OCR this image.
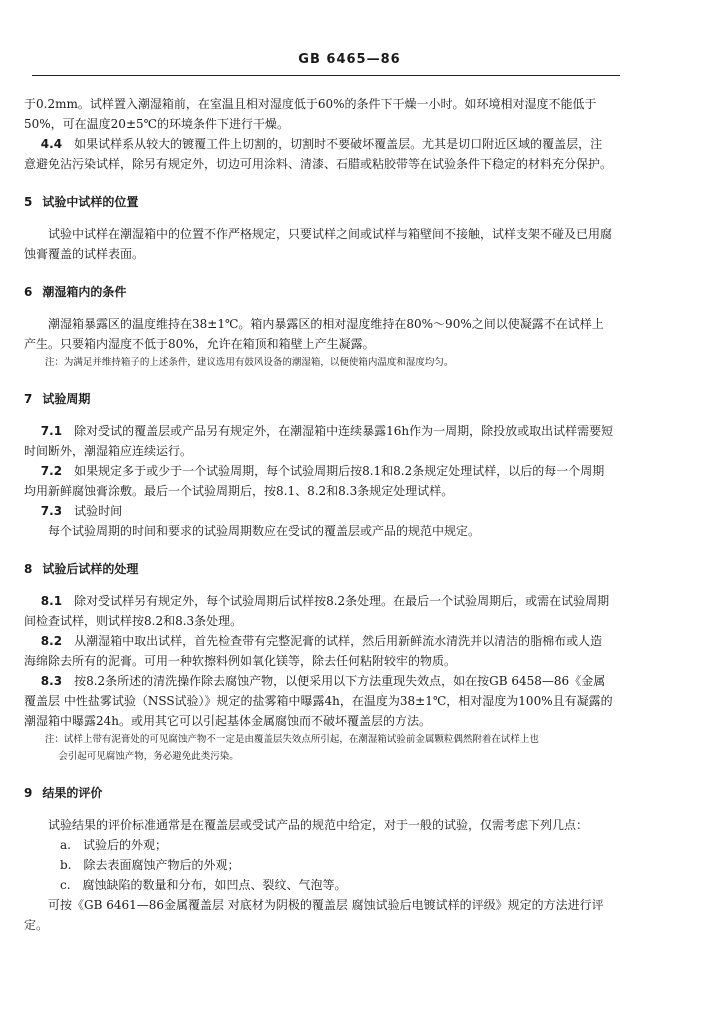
GB 6465—86

于0.2mm。试样置入潮湿箱前，在室温且相对湿度低于60%的条件下干燥一小时。如环境相对湿度不能低于50%，可在温度20±5℃的环境条件下进行干燥。

4.4　 如果试样系从较大的镀覆工件上切割的，切割时不要破坏覆盖层。尤其是切口附近区域的覆盖层，注意避免沾污染试样，除另有规定外，切边可用涂料、清漆、石腊或粘胶带等在试验条件下稳定的材料充分保护。

5 试验中试样的位置

试验中试样在潮湿箱中的位置不作严格规定，只要试样之间或试样与箱壁间不接触，试样支架不碰及已用腐蚀膏覆盖的试样表面。

6 潮湿箱内的条件

潮湿箱暴露区的温度维持在38±1℃。箱内暴露区的相对湿度维持在80%～90%之间以使凝露不在试样上产生。只要箱内湿度不低于80%，允许在箱顶和箱壁上产生凝露。

注：为满足并维持箱子的上述条件，建议选用有鼓风设备的潮湿箱，以便使箱内温度和湿度均匀。

7 试验周期

7.1　 除对受试的覆盖层或产品另有规定外，在潮湿箱中连续暴露16h作为一周期，除投放或取出试样需要短时间断外，潮湿箱应连续运行。

7.2　 如果规定多于或少于一个试验周期，每个试验周期后按8.1和8.2条规定处理试样，以后的每一个周期均用新鲜腐蚀膏涂敷。最后一个试验周期后，按8.1、8.2和8.3条规定处理试样。

7.3　 试验时间

每个试验周期的时间和要求的试验周期数应在受试的覆盖层或产品的规范中规定。

8 试验后试样的处理

8.1　 除对受试样另有规定外，每个试验周期后试样按8.2条处理。在最后一个试验周期后，或需在试验周期间检查试样，则试样按8.2和8.3条处理。

8.2　 从潮湿箱中取出试样，首先检查带有完整泥膏的试样，然后用新鲜流水清洗并以清洁的脂棉布或人造海绵除去所有的泥膏。可用一种软擦料例如氧化镁等，除去任何粘附较牢的物质。

8.3　 按8.2条所述的清洗操作除去腐蚀产物，以便采用以下方法重现失效点，如在按GB 6458—86《金属覆盖层 中性盐雾试验（NSS试验）》规定的盐雾箱中曝露4h，在温度为38±1℃，相对湿度为100%且有凝露的潮湿箱中曝露24h。或用其它可以引起基体金属腐蚀而不破坏覆盖层的方法。

注：试样上带有泥膏处的可见腐蚀产物不一定是由覆盖层失效点所引起，在潮湿箱试验前金属颗粒偶然附着在试样上也

会引起可见腐蚀产物，务必避免此类污染。

9 结果的评价

试验结果的评价标准通常是在覆盖层或受试产品的规范中给定，对于一般的试验，仅需考虑下列几点：

a.　试验后的外观；

b.　除去表面腐蚀产物后的外观；

c.　腐蚀缺陷的数量和分布，如凹点、裂纹、气泡等。

可按《GB 6461—86金属覆盖层 对底材为阴极的覆盖层 腐蚀试验后电镀试样的评级》规定的方法进行评定。
